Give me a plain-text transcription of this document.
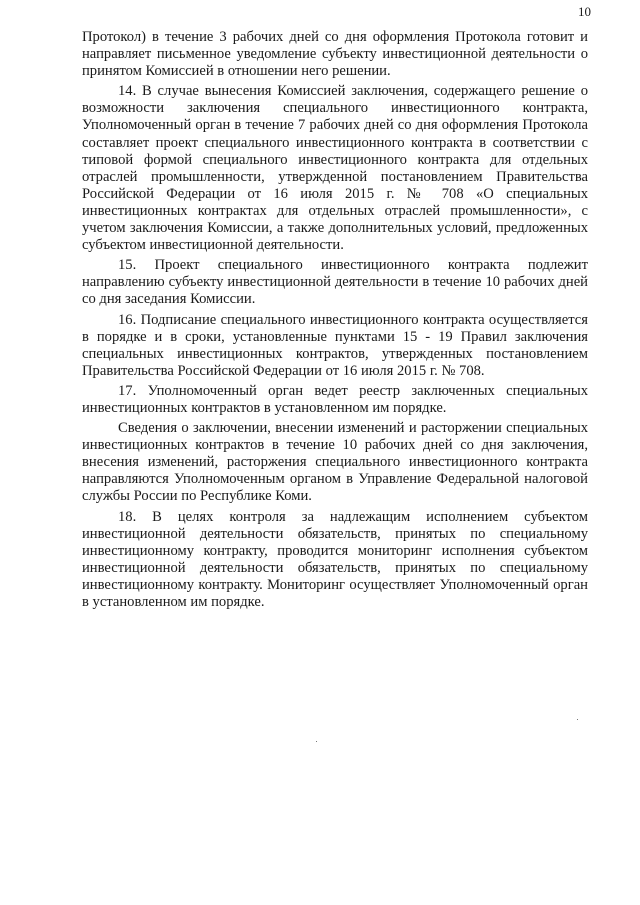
10

Протокол) в течение 3 рабочих дней со дня оформления Протокола готовит и направляет письменное уведомление субъекту инвестиционной деятельности о принятом Комиссией в отношении него решении.

14. В случае вынесения Комиссией заключения, содержащего решение о возможности заключения специального инвестиционного контракта, Уполномоченный орган в течение 7 рабочих дней со дня оформления Протокола составляет проект специального инвестиционного контракта в соответствии с типовой формой специального инвестиционного контракта для отдельных отраслей промышленности, утвержденной постановлением Правительства Российской Федерации от 16 июля 2015 г. № 708 «О специальных инвестиционных контрактах для отдельных отраслей промышленности», с учетом заключения Комиссии, а также дополнительных условий, предложенных субъектом инвестиционной деятельности.

15. Проект специального инвестиционного контракта подлежит направлению субъекту инвестиционной деятельности в течение 10 рабочих дней со дня заседания Комиссии.

16. Подписание специального инвестиционного контракта осуществляется в порядке и в сроки, установленные пунктами 15 - 19 Правил заключения специальных инвестиционных контрактов, утвержденных постановлением Правительства Российской Федерации от 16 июля 2015 г. № 708.

17. Уполномоченный орган ведет реестр заключенных специальных инвестиционных контрактов в установленном им порядке.

Сведения о заключении, внесении изменений и расторжении специальных инвестиционных контрактов в течение 10 рабочих дней со дня заключения, внесения изменений, расторжения специального инвестиционного контракта направляются Уполномоченным органом в Управление Федеральной налоговой службы России по Республике Коми.

18. В целях контроля за надлежащим исполнением субъектом инвестиционной деятельности обязательств, принятых по специальному инвестиционному контракту, проводится мониторинг исполнения субъектом инвестиционной деятельности обязательств, принятых по специальному инвестиционному контракту. Мониторинг осуществляет Уполномоченный орган в установленном им порядке.
